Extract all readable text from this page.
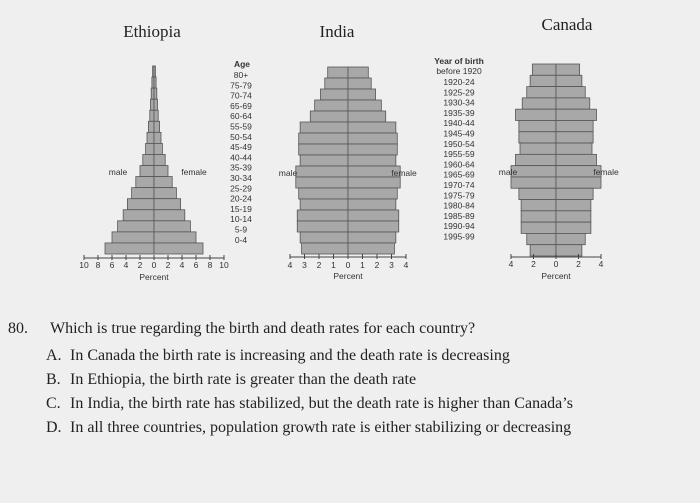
Ethiopia
male	female
10 8 6 4 2 0 2 4 6 8 10
Percent
India
male	female
4 3 2 1 0 1 2 3 4
Percent
Canada
male	female
4 2 0 2 4
Percent
Age
80+
75-79
70-74
65-69
60-64
55-59
50-54
45-49
40-44
35-39
30-34
25-29
20-24
15-19
10-14
5-9
0-4
Year of birth
before 1920
1920-24
1925-29
1930-34
1935-39
1940-44
1945-49
1950-54
1955-59
1960-64
1965-69
1970-74
1975-79
1980-84
1985-89
1990-94
1995-99
80.	Which is true regarding the birth and death rates for each country?
A. In Canada the birth rate is increasing and the death rate is decreasing
B. In Ethiopia, the birth rate is greater than the death rate
C. In India, the birth rate has stabilized, but the death rate is higher than Canada’s
D. In all three countries, population growth rate is either stabilizing or decreasing
